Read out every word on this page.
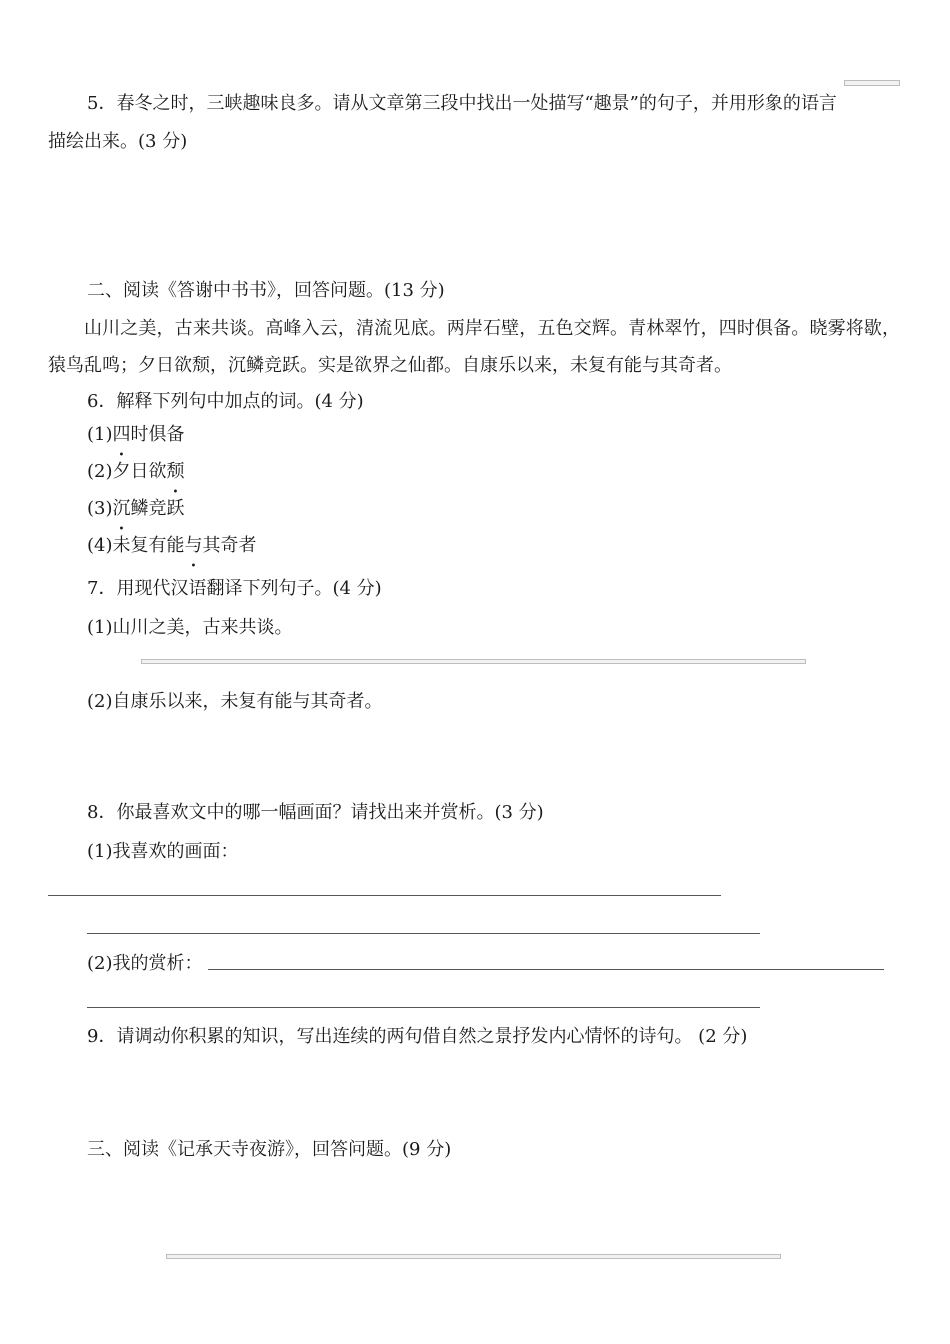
5．春冬之时，三峡趣味良多。请从文章第三段中找出一处描写“趣景”的句子，并用形象的语言
描绘出来。(3 分)
二、阅读《答谢中书书》，回答问题。(13 分)
山川之美，古来共谈。高峰入云，清流见底。两岸石壁，五色交辉。青林翠竹，四时俱备。晓雾将歇，猿鸟乱鸣；夕日欲颓，沉鳞竞跃。实是欲界之仙都。自康乐以来，未复有能与其奇者。
6．解释下列句中加点的词。(4 分)
(1)四时俱备
(2)夕日欲颓
(3)沉鳞竞跃
(4)未复有能与其奇者
7．用现代汉语翻译下列句子。(4 分)
(1)山川之美，古来共谈。
(2)自康乐以来，未复有能与其奇者。
8．你最喜欢文中的哪一幅画面？请找出来并赏析。(3 分)
(1)我喜欢的画面：
(2)我的赏析：
9．请调动你积累的知识，写出连续的两句借自然之景抒发内心情怀的诗句。 (2 分)
三、阅读《记承天寺夜游》，回答问题。(9 分)
